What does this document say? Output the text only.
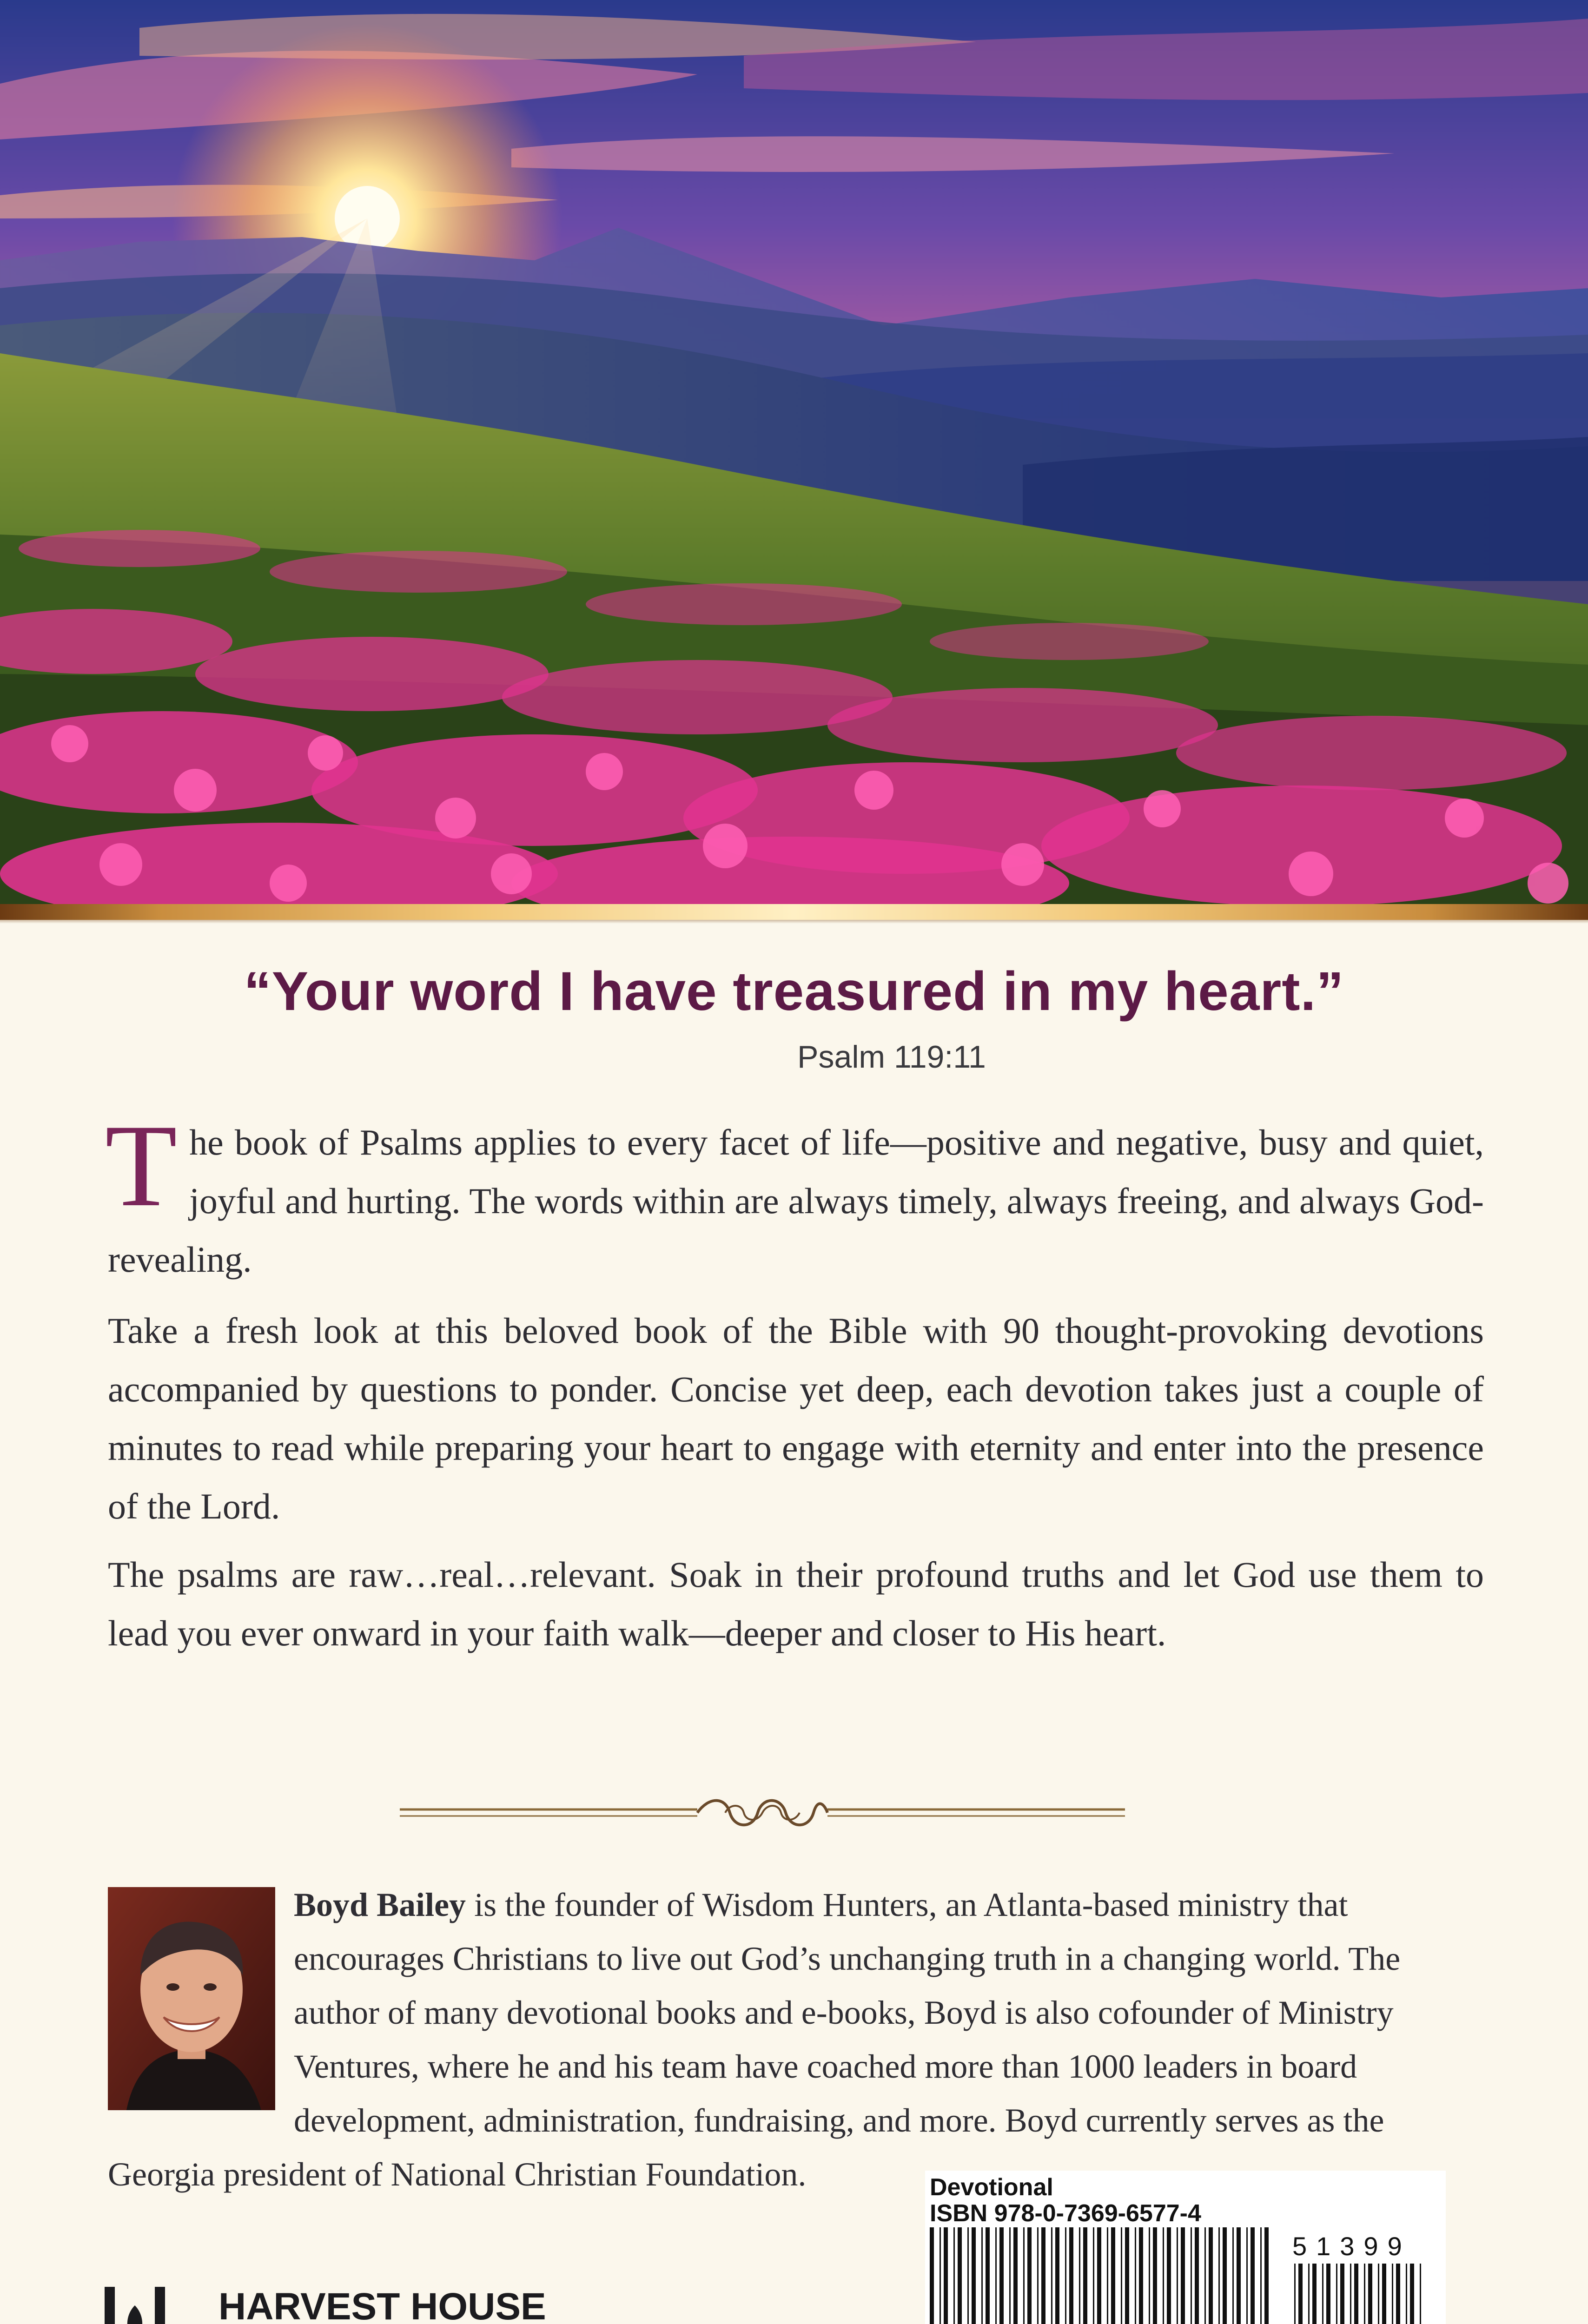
“Your word I have treasured in my heart.”
Psalm 119:11
The book of Psalms applies to every facet of life—positive and negative, busy and quiet, joyful and hurting. The words within are always timely, always freeing, and always God-revealing.
Take a fresh look at this beloved book of the Bible with 90 thought-provoking devotions accompanied by questions to ponder. Concise yet deep, each devotion takes just a couple of minutes to read while preparing your heart to engage with eternity and enter into the presence of the Lord.
The psalms are raw…real…relevant. Soak in their profound truths and let God use them to lead you ever onward in your faith walk—deeper and closer to His heart.
Boyd Bailey is the founder of Wisdom Hunters, an Atlanta-based ministry that encourages Christians to live out God’s unchanging truth in a changing world. The author of many devotional books and e-books, Boyd is also cofounder of Ministry Ventures, where he and his team have coached more than 1000 leaders in board development, administration, fundraising, and more. Boyd currently serves as the Georgia president of National Christian Foundation.
HARVEST HOUSE
Devotional
ISBN 978-0-7369-6577-4
51399
